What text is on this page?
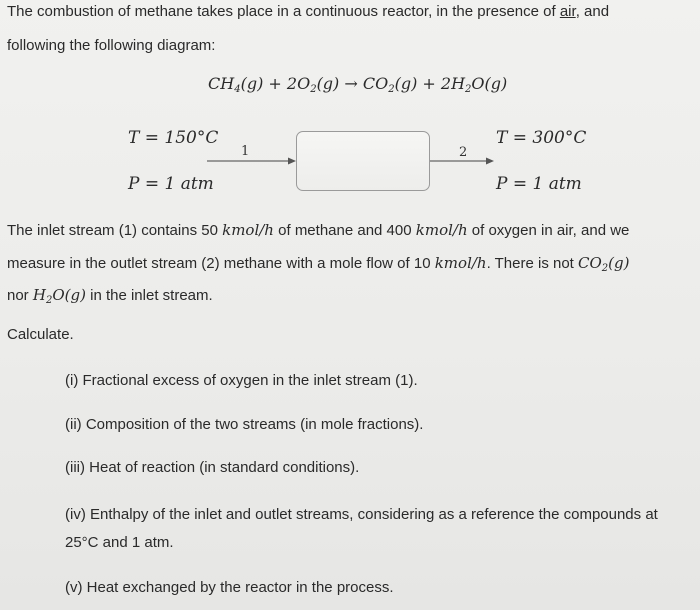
The combustion of methane takes place in a continuous reactor, in the presence of air, and
following the following diagram:
$CH_4(g) + 2O_2(g) \to CO_2(g) + 2H_2O(g)$
T = 150°C
P = 1 atm
1
T = 300°C
P = 1 atm
2
The inlet stream (1) contains 50 kmol/h of methane and 400 kmol/h of oxygen in air, and we
measure in the outlet stream (2) methane with a mole flow of 10 kmol/h. There is not $CO_2(g)$
nor $H_2O(g)$ in the inlet stream.
Calculate.
(i) Fractional excess of oxygen in the inlet stream (1).
(ii) Composition of the two streams (in mole fractions).
(iii) Heat of reaction (in standard conditions).
(iv) Enthalpy of the inlet and outlet streams, considering as a reference the compounds at
25°C and 1 atm.
(v) Heat exchanged by the reactor in the process.
